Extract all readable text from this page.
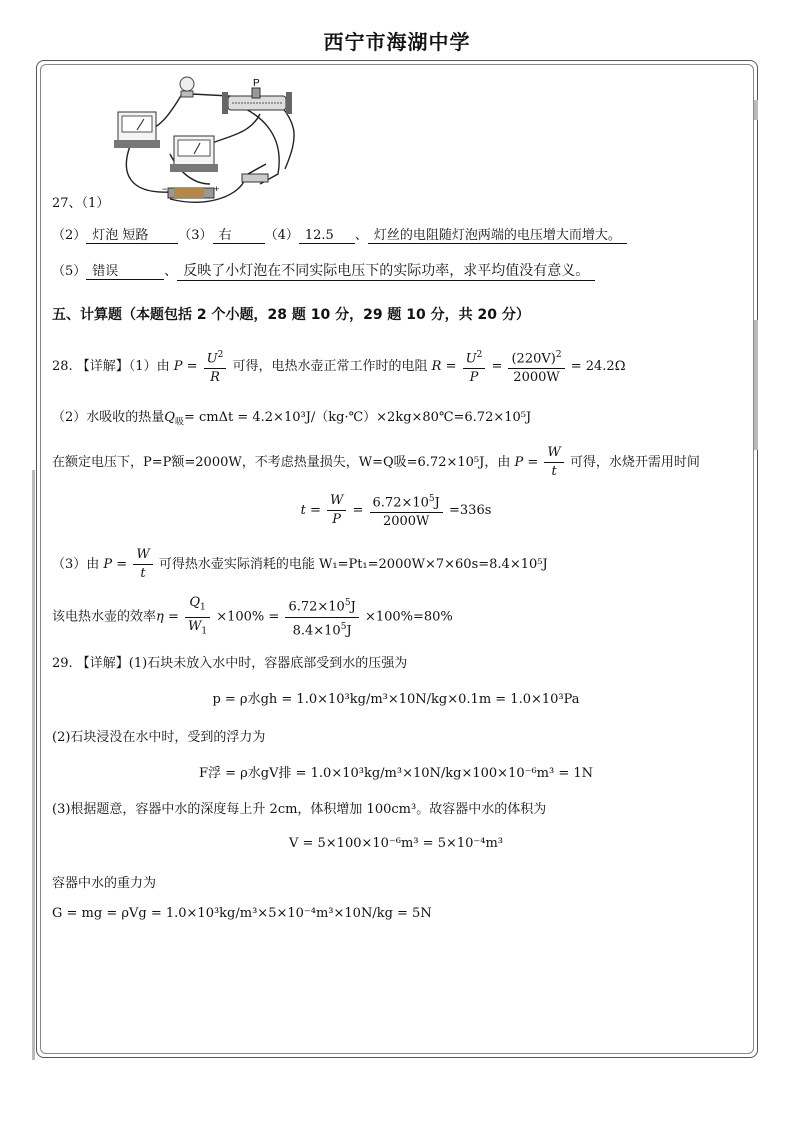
西宁市海湖中学
P
−	+
27、（1）
（2） 灯泡 短路 （3） 右	（4） 12.5 、 灯丝的电阻随灯泡两端的电压增大而增大。
（5） 错误	、 反映了小灯泡在不同实际电压下的实际功率，求平均值没有意义。
五、计算题（本题包括 2 个小题，28 题 10 分，29 题 10 分，共 20 分）
28. 【详解】（1）由 $P = \frac{U^2}{R}$ 可得，电热水壶正常工作时的电阻 $R = \frac{U^2}{P} = \frac{(220V)^2}{2000W} = 24.2\Omega$
（2）水吸收的热量$Q_吸= cm\Delta t$ = 4.2×10³J/（kg·℃）×2kg×80℃=6.72×10⁵J
在额定电压下，P=P额=2000W，不考虑热量损失，W=Q吸=6.72×10⁵J，由 $P = \frac{W}{t}$ 可得，水烧开需用时间
$t = \frac{W}{P} = \frac{6.72\times 10^5J}{2000W} =336s$
（3）由 $P = \frac{W}{t}$ 可得热水壶实际消耗的电能 W₁=Pt₁=2000W×7×60s=8.4×10⁵J
该电热水壶的效率$\eta = \frac{Q_1}{W_1} \times 100\% = \frac{6.72\times 10^5J}{8.4\times 10^5J} \times 100\%=80\%$
29. 【详解】(1)石块未放入水中时，容器底部受到水的压强为
p = ρ水gh = 1.0×10³kg/m³×10N/kg×0.1m = 1.0×10³Pa
(2)石块浸没在水中时，受到的浮力为
F浮 = ρ水gV排 = 1.0×10³kg/m³×10N/kg×100×10⁻⁶m³ = 1N
(3)根据题意，容器中水的深度每上升 2cm，体积增加 100cm³。故容器中水的体积为
V = 5×100×10⁻⁶m³ = 5×10⁻⁴m³
容器中水的重力为
G = mg = ρVg = 1.0×10³kg/m³×5×10⁻⁴m³×10N/kg = 5N
